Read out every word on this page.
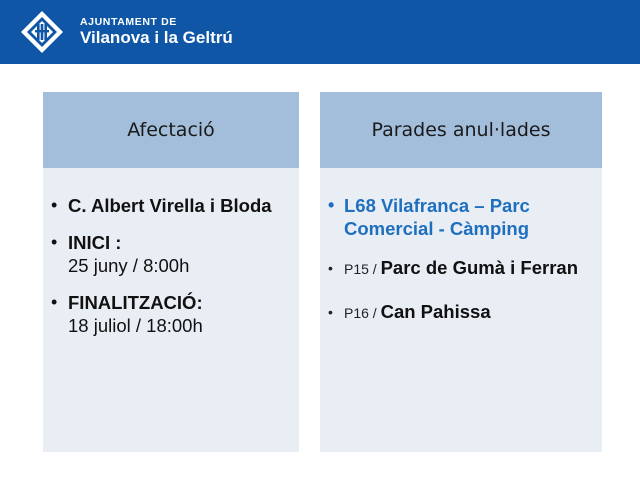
AJUNTAMENT DE
Vilanova i la Geltrú
Afectació
• C. Albert Virella i Bloda
• INICI :
25 juny / 8:00h
• FINALITZACIÓ:
18 juliol / 18:00h
Parades anul·lades
• L68 Vilafranca – Parc Comercial - Càmping
• P15 / Parc de Gumà i Ferran
• P16 / Can Pahissa
